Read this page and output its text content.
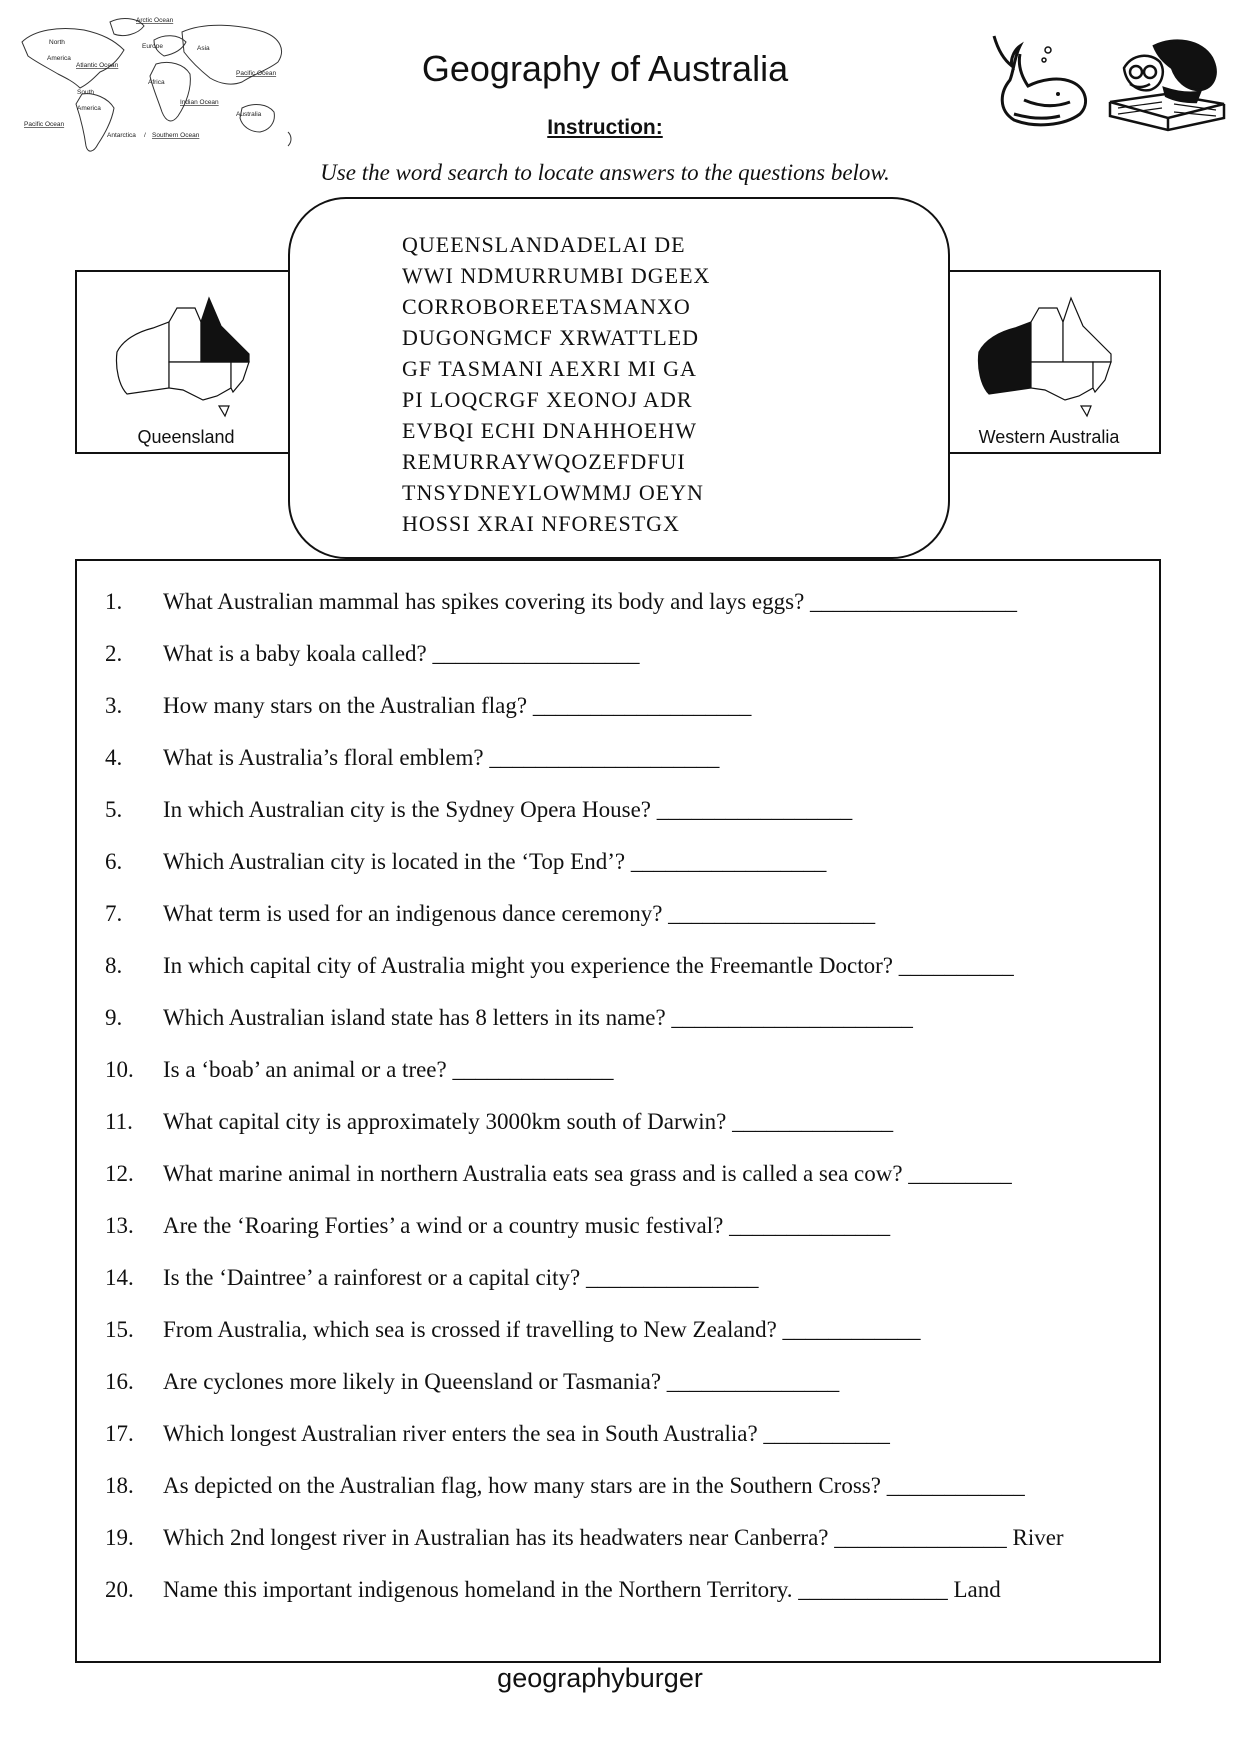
Arctic Ocean
North
America
Atlantic Ocean
Europe	Asia
Africa
Pacific Ocean
South
America
Indian Ocean
Australia
Pacific Ocean
Antarctica / Southern Ocean
Geography of Australia
Instruction:
Use the word search to locate answers to the questions below.
Queensland	Western Australia
QUEENSLANDADELAI DE
WWI NDMURRUMBI DGEEX
CORROBOREETASMANXO
DUGONGMCF XRWATTLED
GF TASMANI AEXRI MI GA
PI LOQCRGF XEONOJ ADR
EVBQI ECHI DNAHHOEHW
REMURRAYWQOZEFDFUI
TNSYDNEYLOWMMJ OEYN
HOSSI XRAI NFORESTGX
1.	What Australian mammal has spikes covering its body and lays eggs? __________________
2.	What is a baby koala called? __________________
3.	How many stars on the Australian flag? ___________________
4.	What is Australia’s floral emblem? ____________________
5.	In which Australian city is the Sydney Opera House? _________________
6.	Which Australian city is located in the ‘Top End’? _________________
7.	What term is used for an indigenous dance ceremony? __________________
8.	In which capital city of Australia might you experience the Freemantle Doctor? __________
9.	Which Australian island state has 8 letters in its name? _____________________
10.	Is a ‘boab’ an animal or a tree? ______________
11.	What capital city is approximately 3000km south of Darwin? ______________
12.	What marine animal in northern Australia eats sea grass and is called a sea cow? _________
13.	Are the ‘Roaring Forties’ a wind or a country music festival? ______________
14.	Is the ‘Daintree’ a rainforest or a capital city? _______________
15.	From Australia, which sea is crossed if travelling to New Zealand? ____________
16.	Are cyclones more likely in Queensland or Tasmania? _______________
17.	Which longest Australian river enters the sea in South Australia? ___________
18.	As depicted on the Australian flag, how many stars are in the Southern Cross? ____________
19.	Which 2nd longest river in Australian has its headwaters near Canberra? _______________ River
20.	Name this important indigenous homeland in the Northern Territory. _____________ Land
geographyburger
